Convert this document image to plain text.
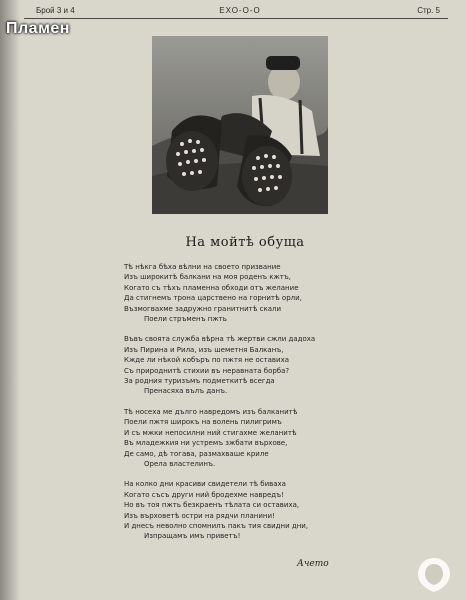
Брой 3 и 4	ЕХО-О-О	Стр. 5
Пламен
На мойтѣ обуща
Тѣ нѣкга бѣха вѣлни на своето призвание
Изъ широкитѣ балкани на моя роденъ кжтъ,
Когато съ тѣхъ пламенна обходи отъ желание
Да стигнемъ тронa царствено на горнитѣ орли,
Възмогвахме задружно гранитнитѣ скали
Поели стръменъ пжть
Въвъ своята служба вѣрна тѣ жертви сжли дадоха
Изъ Пирина и Рила, изъ шеметня Балканъ,
Кжде ли нѣкой кобъръ по пжтя не оставиха
Съ природнитѣ стихии въ неравната борба?
За родния туризъмъ подметкитѣ всегда
Пренасяха вълъ данъ.
Тѣ носеха ме дълго навредомъ изъ балканитѣ
Поели пжтя широкъ на волень пилигримъ
И съ мжки непосилни ний стигахме желанитѣ
Въ младежкия ни устремъ зжбати върхове,
Де само, дѣ тогава, размахваше криле
Орела властелинъ.
На колко дни красиви свидетели тѣ биваха
Когато съсъ други ний бродехме навредъ!
Но въ тоя пжть безкраенъ тѣлата си оставиха,
Изъ върховетѣ остри на рядчи планини!
И днесъ неволно спомнилъ пакъ тия свидни дни,
Изпращамъ имъ приветъ!
Ачето
